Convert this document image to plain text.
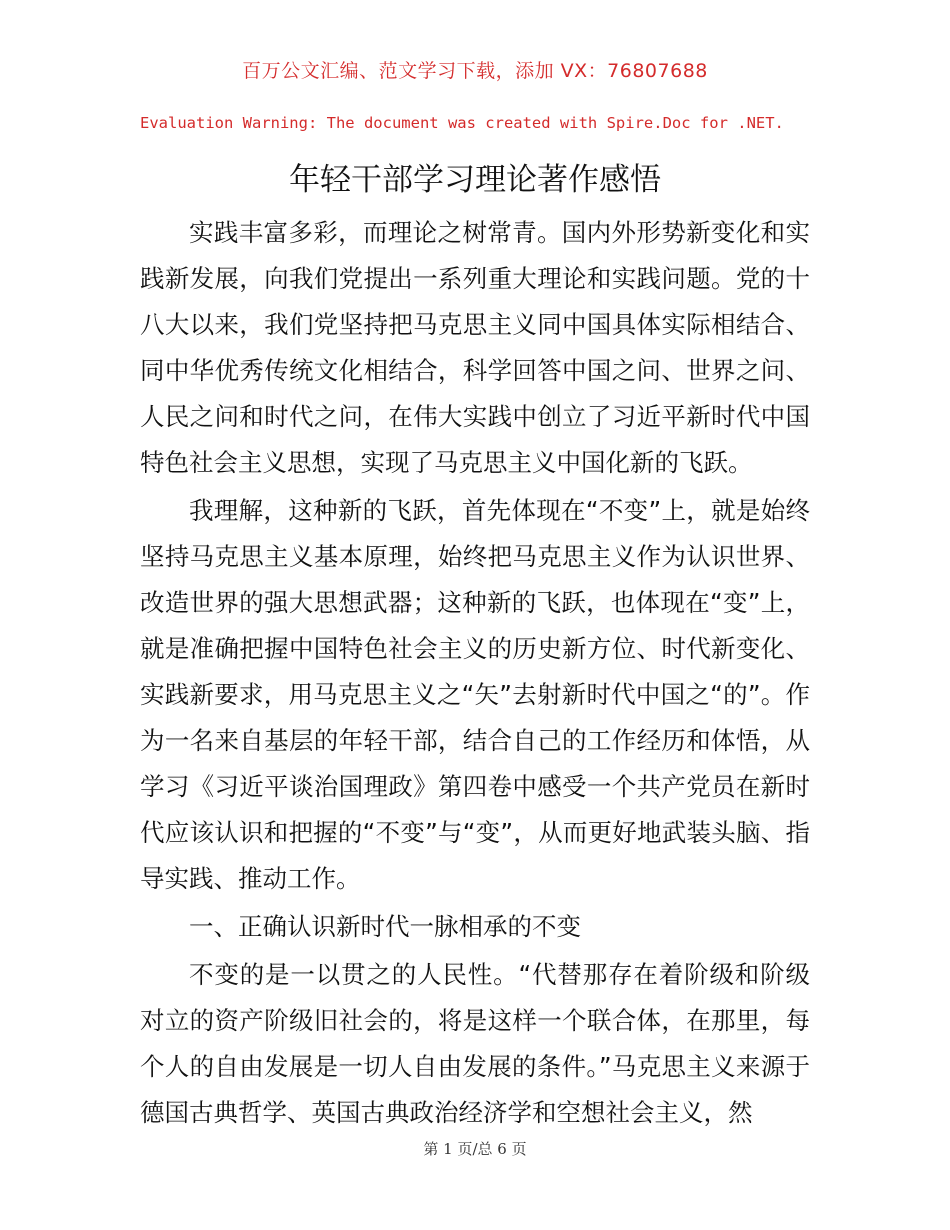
百万公文汇编、范文学习下载，添加 VX：76807688
Evaluation Warning: The document was created with Spire.Doc for .NET.
年轻干部学习理论著作感悟

实践丰富多彩，而理论之树常青。国内外形势新变化和实践新发展，向我们党提出一系列重大理论和实践问题。党的十八大以来，我们党坚持把马克思主义同中国具体实际相结合、同中华优秀传统文化相结合，科学回答中国之问、世界之问、人民之问和时代之问，在伟大实践中创立了习近平新时代中国特色社会主义思想，实现了马克思主义中国化新的飞跃。

我理解，这种新的飞跃，首先体现在“不变”上，就是始终坚持马克思主义基本原理，始终把马克思主义作为认识世界、改造世界的强大思想武器；这种新的飞跃，也体现在“变”上，就是准确把握中国特色社会主义的历史新方位、时代新变化、实践新要求，用马克思主义之“矢”去射新时代中国之“的”。作为一名来自基层的年轻干部，结合自己的工作经历和体悟，从学习《习近平谈治国理政》第四卷中感受一个共产党员在新时代应该认识和把握的“不变”与“变”，从而更好地武装头脑、指导实践、推动工作。

一、正确认识新时代一脉相承的不变

不变的是一以贯之的人民性。“代替那存在着阶级和阶级对立的资产阶级旧社会的，将是这样一个联合体，在那里，每个人的自由发展是一切人自由发展的条件。”马克思主义来源于德国古典哲学、英国古典政治经济学和空想社会主义，然

第 1 页/总 6 页
